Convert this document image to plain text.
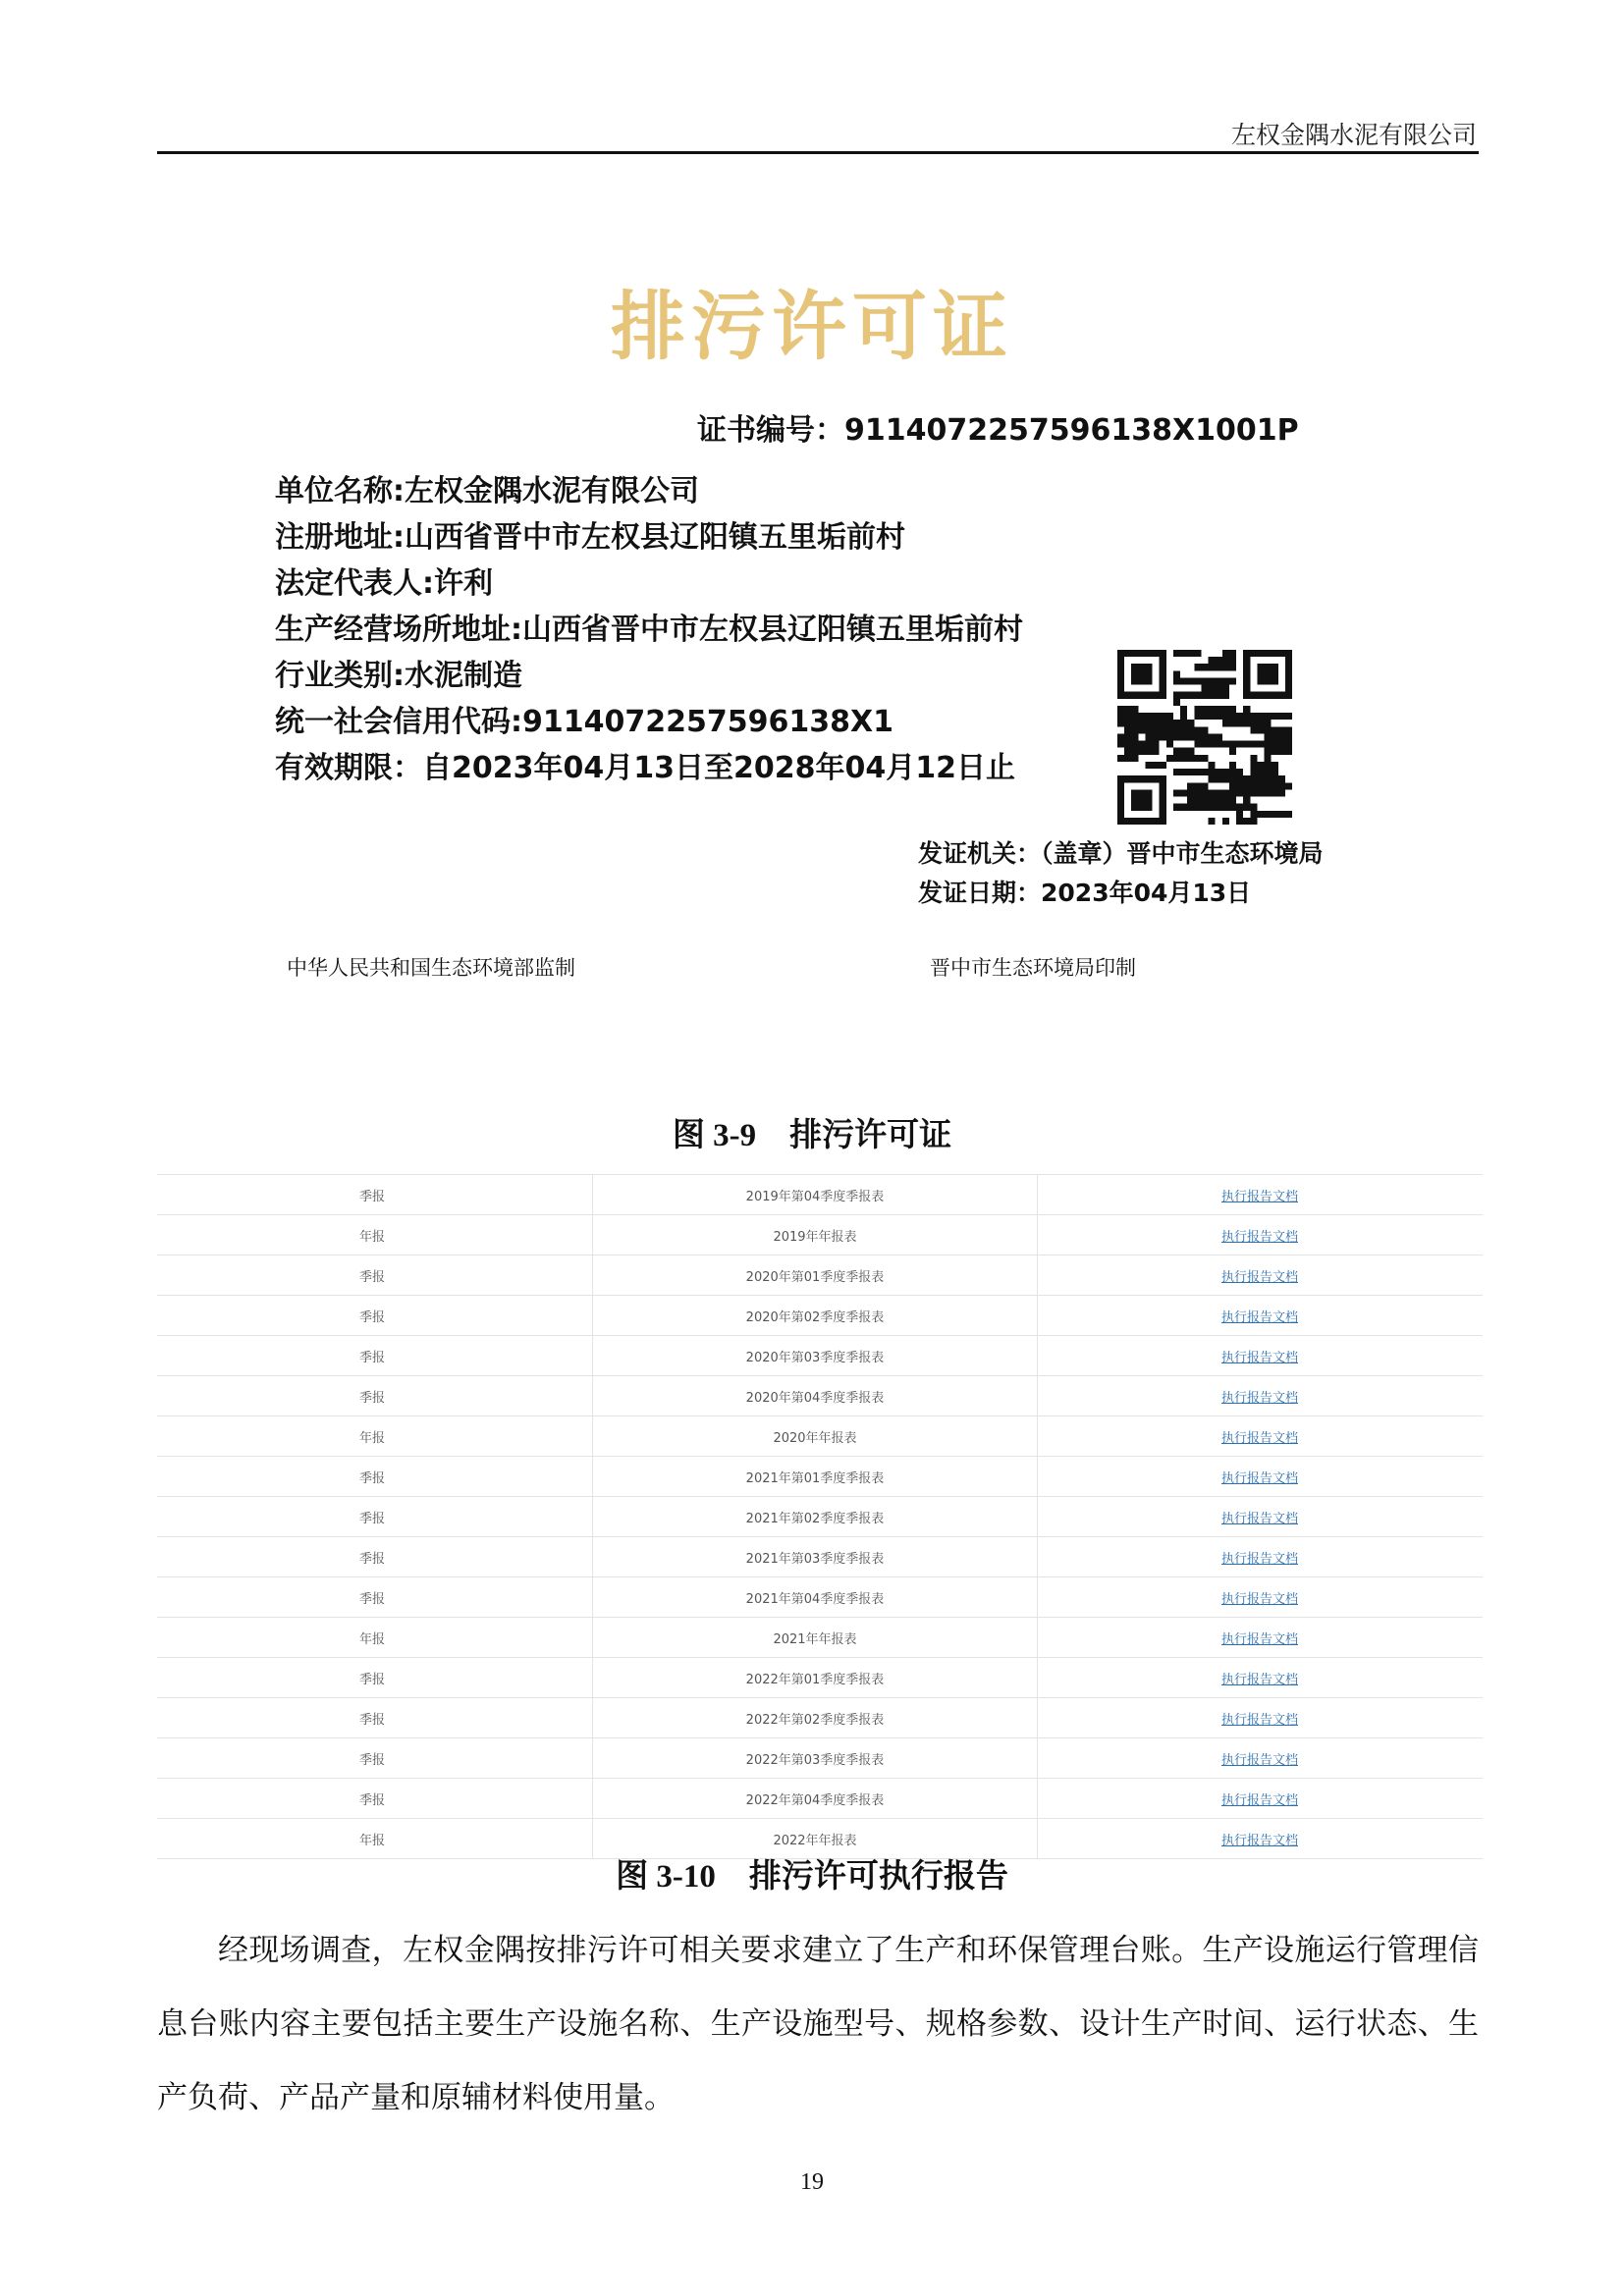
左权金隅水泥有限公司
排污许可证
证书编号：9114072257596138X1001P
单位名称:左权金隅水泥有限公司
注册地址:山西省晋中市左权县辽阳镇五里垢前村
法定代表人:许利
生产经营场所地址:山西省晋中市左权县辽阳镇五里垢前村
行业类别:水泥制造
统一社会信用代码:9114072257596138X1
有效期限：自2023年04月13日至2028年04月12日止
发证机关：（盖章）晋中市生态环境局
发证日期：2023年04月13日
中华人民共和国生态环境部监制	晋中市生态环境局印制
图 3-9 排污许可证
季报	2019年第04季度季报表	执行报告文档
年报	2019年年报表	执行报告文档
季报	2020年第01季度季报表	执行报告文档
季报	2020年第02季度季报表	执行报告文档
季报	2020年第03季度季报表	执行报告文档
季报	2020年第04季度季报表	执行报告文档
年报	2020年年报表	执行报告文档
季报	2021年第01季度季报表	执行报告文档
季报	2021年第02季度季报表	执行报告文档
季报	2021年第03季度季报表	执行报告文档
季报	2021年第04季度季报表	执行报告文档
年报	2021年年报表	执行报告文档
季报	2022年第01季度季报表	执行报告文档
季报	2022年第02季度季报表	执行报告文档
季报	2022年第03季度季报表	执行报告文档
季报	2022年第04季度季报表	执行报告文档
年报	2022年年报表	执行报告文档
图 3-10 排污许可执行报告

经现场调查，左权金隅按排污许可相关要求建立了生产和环保管理台账。生产设施运行管理信息台账内容主要包括主要生产设施名称、生产设施型号、规格参数、设计生产时间、运行状态、生产负荷、产品产量和原辅材料使用量。

19
